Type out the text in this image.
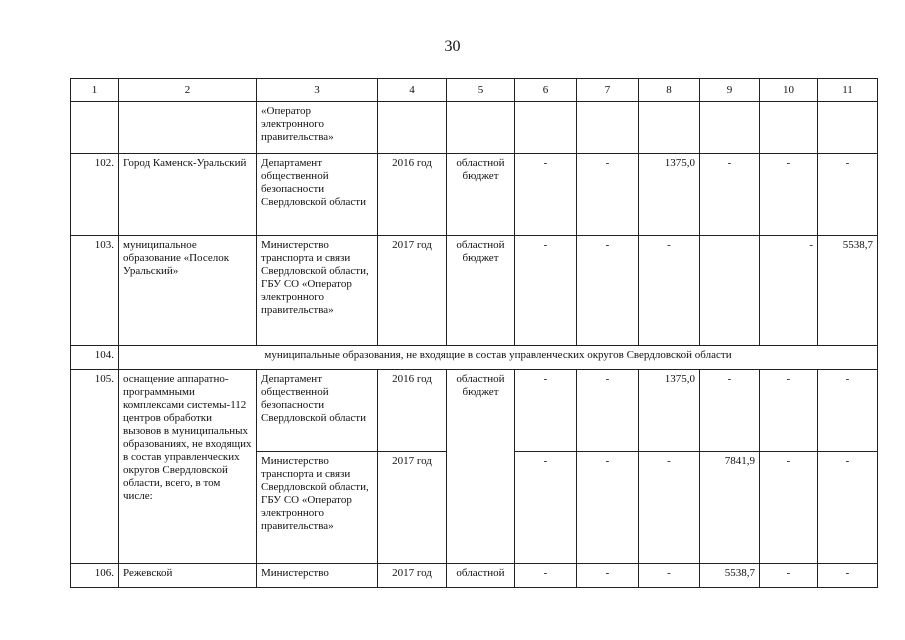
30
1	2	3	4	5	6	7	8	9	10	11
		«Оператор электронного правительства»								
102.	Город Каменск-Уральский	Департамент общественной безопасности Свердловской области	2016 год	областной бюджет	-	-	1375,0	-	-	-
103.	муниципальное образование «Поселок Уральский»	Министерство транспорта и связи Свердловской области, ГБУ СО «Оператор электронного правительства»	2017 год	областной бюджет	-	-	-		-	5538,7
104.	муниципальные образования, не входящие в состав управленческих округов Свердловской области									
105.	оснащение аппаратно-программными комплексами системы-112 центров обработки вызовов в муниципальных образованиях, не входящих в состав управленческих округов Свердловской области, всего, в том числе:	Департамент общественной безопасности Свердловской области	2016 год	областной бюджет	-	-	1375,0	-	-	-
		Министерство транспорта и связи Свердловской области, ГБУ СО «Оператор электронного правительства»	2017 год		-	-	-	7841,9	-	-
106.	Режевской	Министерство	2017 год	областной	-	-	-	5538,7	-	-
